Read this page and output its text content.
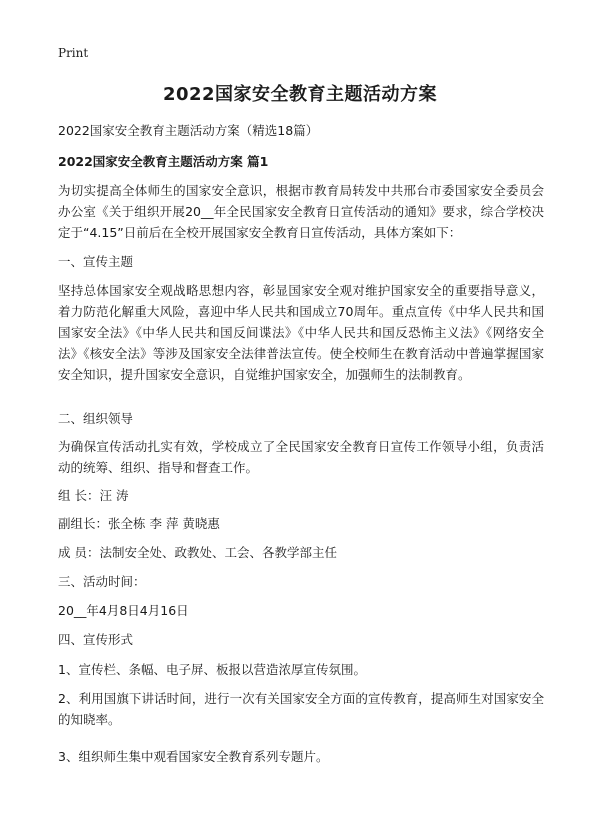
Print
2022国家安全教育主题活动方案
2022国家安全教育主题活动方案（精选18篇）
2022国家安全教育主题活动方案 篇1
为切实提高全体师生的国家安全意识，根据市教育局转发中共邢台市委国家安全委员会办公室《关于组织开展20__年全民国家安全教育日宣传活动的通知》要求，综合学校决定于“4.15”日前后在全校开展国家安全教育日宣传活动，具体方案如下：
一、宣传主题
坚持总体国家安全观战略思想内容，彰显国家安全观对维护国家安全的重要指导意义，着力防范化解重大风险，喜迎中华人民共和国成立70周年。重点宣传《中华人民共和国国家安全法》《中华人民共和国反间谍法》《中华人民共和国反恐怖主义法》《网络安全法》《核安全法》等涉及国家安全法律普法宣传。使全校师生在教育活动中普遍掌握国家安全知识，提升国家安全意识，自觉维护国家安全，加强师生的法制教育。
二、组织领导
为确保宣传活动扎实有效，学校成立了全民国家安全教育日宣传工作领导小组，负责活动的统筹、组织、指导和督查工作。
组 长：汪 涛
副组长：张全栋 李 萍 黄晓惠
成 员：法制安全处、政教处、工会、各教学部主任
三、活动时间：
20__年4月8日4月16日
四、宣传形式
1、宣传栏、条幅、电子屏、板报以营造浓厚宣传氛围。
2、利用国旗下讲话时间，进行一次有关国家安全方面的宣传教育，提高师生对国家安全的知晓率。
3、组织师生集中观看国家安全教育系列专题片。
